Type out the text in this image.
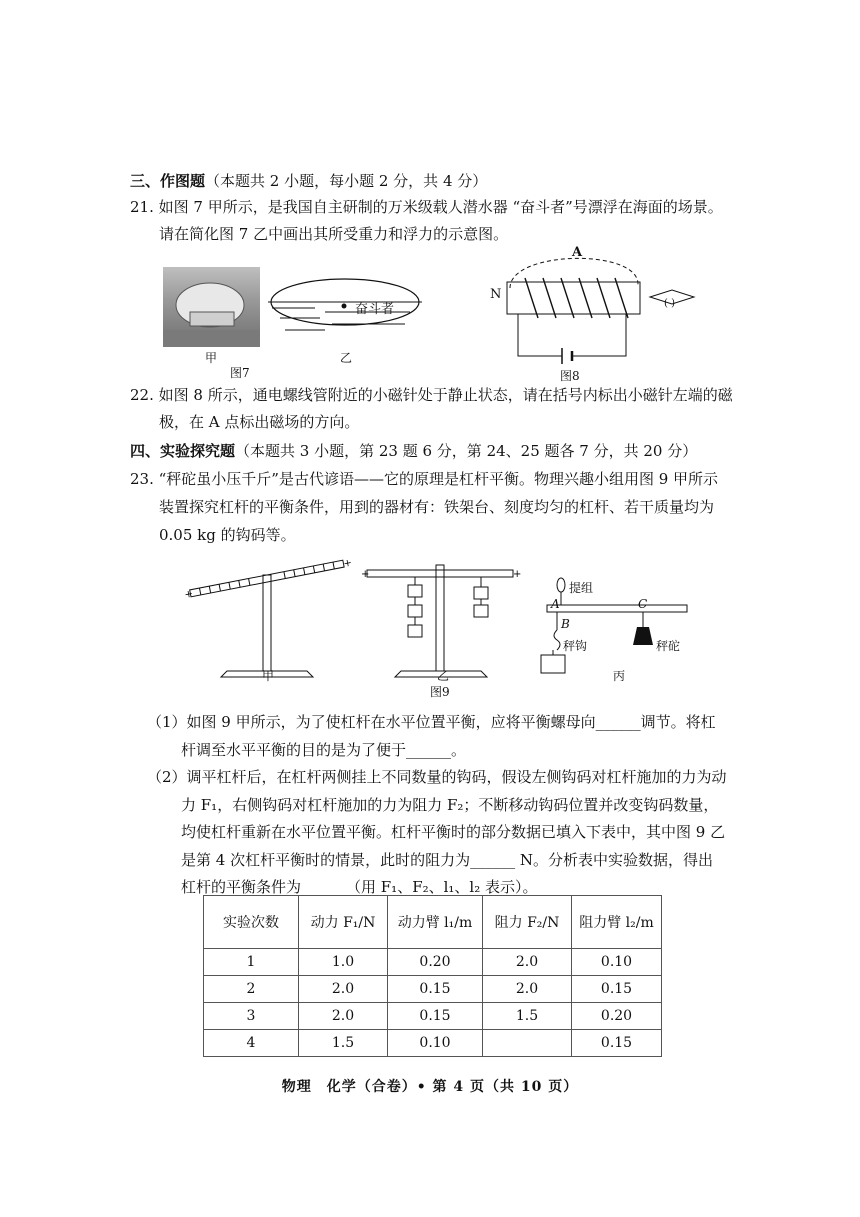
三、作图题（本题共 2 小题，每小题 2 分，共 4 分）
21. 如图 7 甲所示，是我国自主研制的万米级载人潜水器 “奋斗者”号漂浮在海面的场景。
请在简化图 7 乙中画出其所受重力和浮力的示意图。
奋斗者
甲	乙
图7
N
A
( )
图8
22. 如图 8 所示，通电螺线管附近的小磁针处于静止状态，请在括号内标出小磁针左端的磁
极，在 A 点标出磁场的方向。
四、实验探究题（本题共 3 小题，第 23 题 6 分，第 24、25 题各 7 分，共 20 分）
23. “秤砣虽小压千斤”是古代谚语——它的原理是杠杆平衡。物理兴趣小组用图 9 甲所示
装置探究杠杆的平衡条件，用到的器材有：铁架台、刻度均匀的杠杆、若干质量均为
0.05 kg 的钩码等。
+
+
+	+
提组
A
B
C
秤钩	秤砣
甲	乙	丙
图9
（1）如图 9 甲所示，为了使杠杆在水平位置平衡，应将平衡螺母向______调节。将杠
杆调至水平平衡的目的是为了便于______。
（2）调平杠杆后，在杠杆两侧挂上不同数量的钩码，假设左侧钩码对杠杆施加的力为动
力 F₁，右侧钩码对杠杆施加的力为阻力 F₂；不断移动钩码位置并改变钩码数量，
均使杠杆重新在水平位置平衡。杠杆平衡时的部分数据已填入下表中，其中图 9 乙
是第 4 次杠杆平衡时的情景，此时的阻力为______ N。分析表中实验数据，得出
杠杆的平衡条件为______（用 F₁、F₂、l₁、l₂ 表示）。
实验次数	动力 F₁/N	动力臂 l₁/m	阻力 F₂/N	阻力臂 l₂/m
1	1.0	0.20	2.0	0.10
2	2.0	0.15	2.0	0.15
3	2.0	0.15	1.5	0.20
4	1.5	0.10		0.15
物理　化学（合卷）• 第 4 页（共 10 页）
